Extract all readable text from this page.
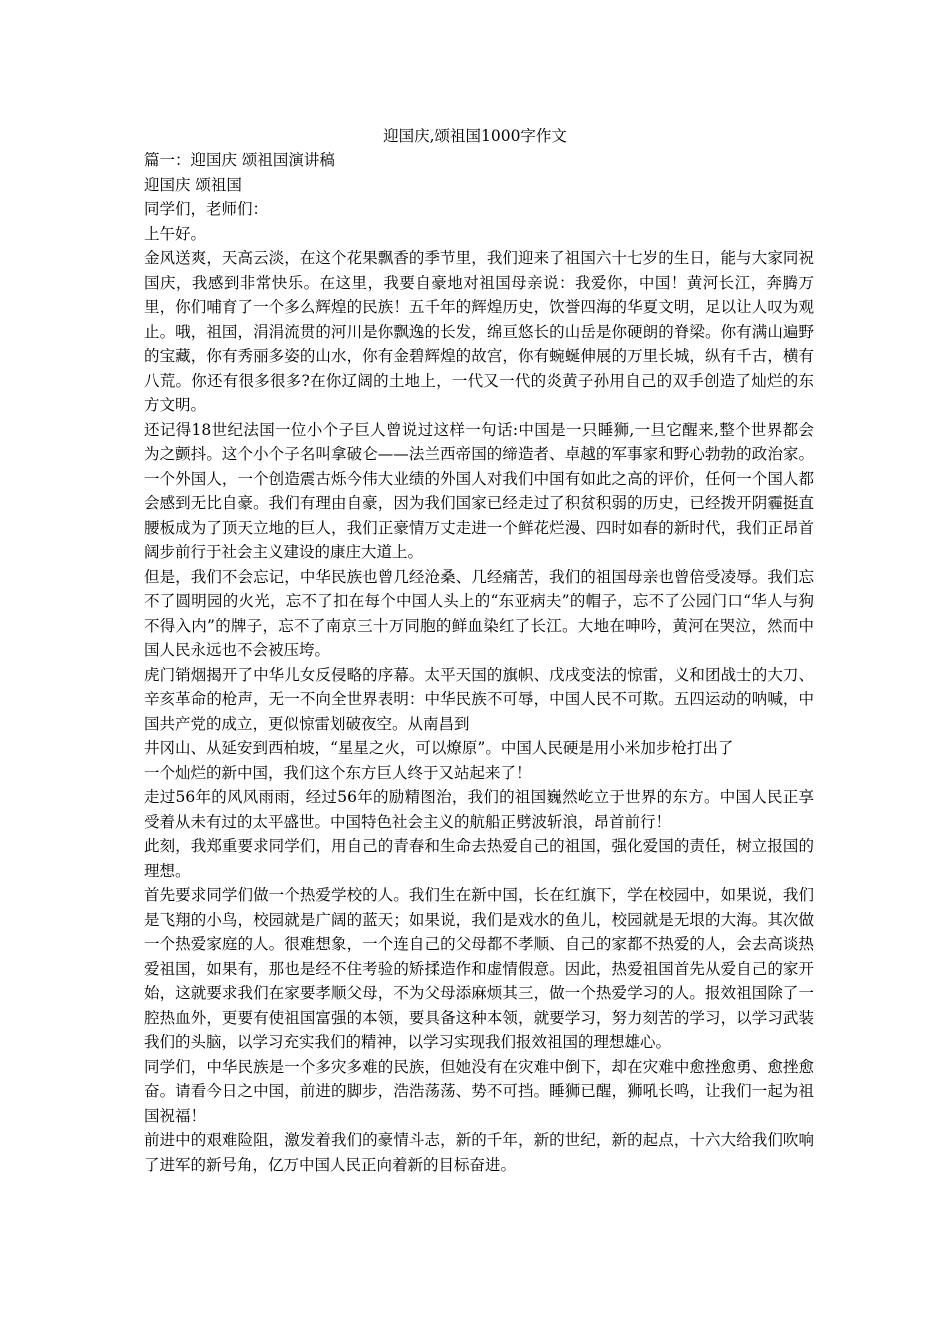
迎国庆,颂祖国1000字作文

篇一：迎国庆 颂祖国演讲稿

迎国庆 颂祖国

同学们，老师们：

上午好。

金风送爽，天高云淡，在这个花果飘香的季节里，我们迎来了祖国六十七岁的生日，能与大家同祝国庆，我感到非常快乐。在这里，我要自豪地对祖国母亲说：我爱你，中国！黄河长江，奔腾万里，你们哺育了一个多么辉煌的民族！五千年的辉煌历史，饮誉四海的华夏文明，足以让人叹为观止。哦，祖国，涓涓流贯的河川是你飘逸的长发，绵亘悠长的山岳是你硬朗的脊梁。你有满山遍野的宝藏，你有秀丽多姿的山水，你有金碧辉煌的故宫，你有蜿蜒伸展的万里长城，纵有千古，横有八荒。你还有很多很多?在你辽阔的土地上，一代又一代的炎黄子孙用自己的双手创造了灿烂的东方文明。

还记得18世纪法国一位小个子巨人曾说过这样一句话:中国是一只睡狮,一旦它醒来,整个世界都会为之颤抖。这个小个子名叫拿破仑——法兰西帝国的缔造者、卓越的军事家和野心勃勃的政治家。一个外国人，一个创造震古烁今伟大业绩的外国人对我们中国有如此之高的评价，任何一个国人都会感到无比自豪。我们有理由自豪，因为我们国家已经走过了积贫积弱的历史，已经拨开阴霾挺直腰板成为了顶天立地的巨人，我们正豪情万丈走进一个鲜花烂漫、四时如春的新时代，我们正昂首阔步前行于社会主义建设的康庄大道上。

但是，我们不会忘记，中华民族也曾几经沧桑、几经痛苦，我们的祖国母亲也曾倍受凌辱。我们忘不了圆明园的火光，忘不了扣在每个中国人头上的“东亚病夫”的帽子，忘不了公园门口“华人与狗不得入内”的牌子，忘不了南京三十万同胞的鲜血染红了长江。大地在呻吟，黄河在哭泣，然而中国人民永远也不会被压垮。

虎门销烟揭开了中华儿女反侵略的序幕。太平天国的旗帜、戊戌变法的惊雷，义和团战士的大刀、辛亥革命的枪声，无一不向全世界表明：中华民族不可辱，中国人民不可欺。五四运动的呐喊，中国共产党的成立，更似惊雷划破夜空。从南昌到

井冈山、从延安到西柏坡，“星星之火，可以燎原”。中国人民硬是用小米加步枪打出了

一个灿烂的新中国，我们这个东方巨人终于又站起来了！

走过56年的风风雨雨，经过56年的励精图治，我们的祖国巍然屹立于世界的东方。中国人民正享受着从未有过的太平盛世。中国特色社会主义的航船正劈波斩浪，昂首前行！

此刻，我郑重要求同学们，用自己的青春和生命去热爱自己的祖国，强化爱国的责任，树立报国的理想。

首先要求同学们做一个热爱学校的人。我们生在新中国，长在红旗下，学在校园中，如果说，我们是飞翔的小鸟，校园就是广阔的蓝天；如果说，我们是戏水的鱼儿，校园就是无垠的大海。其次做一个热爱家庭的人。很难想象，一个连自己的父母都不孝顺、自己的家都不热爱的人，会去高谈热爱祖国，如果有，那也是经不住考验的矫揉造作和虚情假意。因此，热爱祖国首先从爱自己的家开始，这就要求我们在家要孝顺父母，不为父母添麻烦其三，做一个热爱学习的人。报效祖国除了一腔热血外，更要有使祖国富强的本领，要具备这种本领，就要学习，努力刻苦的学习，以学习武装我们的头脑，以学习充实我们的精神，以学习实现我们报效祖国的理想雄心。

同学们，中华民族是一个多灾多难的民族，但她没有在灾难中倒下，却在灾难中愈挫愈勇、愈挫愈奋。请看今日之中国，前进的脚步，浩浩荡荡、势不可挡。睡狮已醒，狮吼长鸣，让我们一起为祖国祝福！

前进中的艰难险阻，激发着我们的豪情斗志，新的千年，新的世纪，新的起点，十六大给我们吹响了进军的新号角，亿万中国人民正向着新的目标奋进。
